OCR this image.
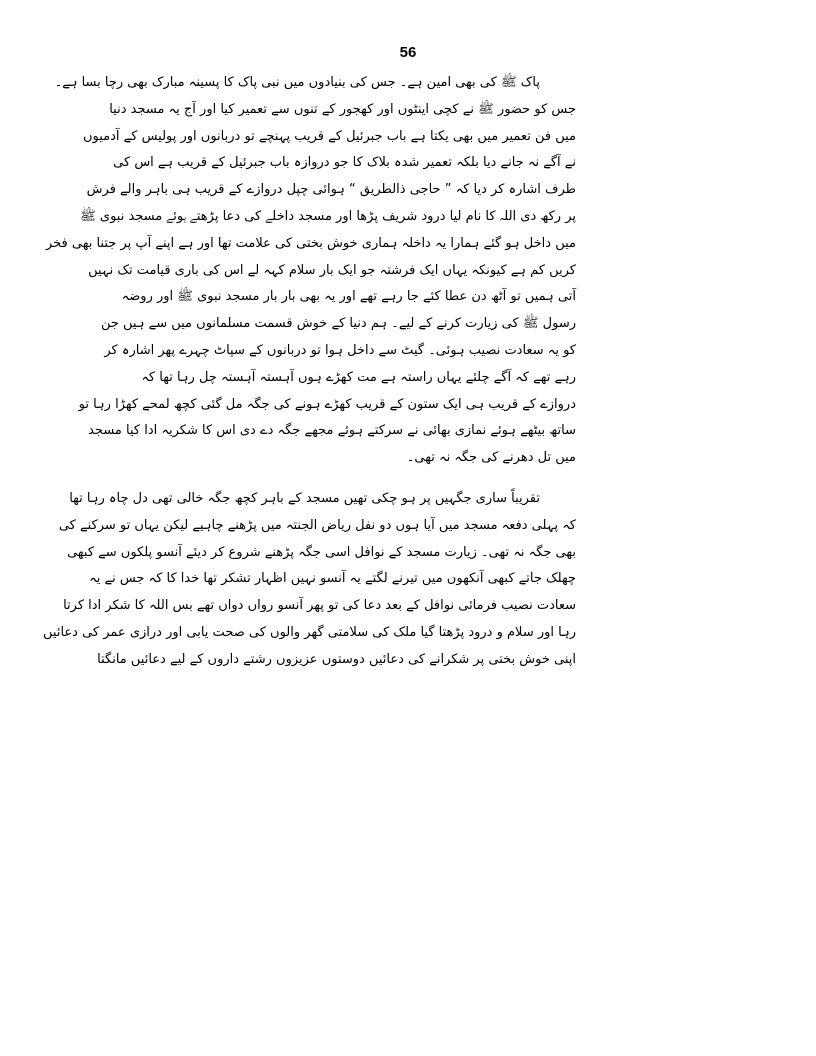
56
پاک ﷺ کی بھی امین ہے۔ جس کی بنیادوں میں نبی پاک کا پسینہ مبارک بھی رچا بسا ہے۔
جس کو حضور ﷺ نے کچی اینٹوں اور کھجور کے تنوں سے تعمیر کیا اور آج یہ مسجد دنیا
میں فن تعمیر میں بھی یکتا ہے باب جبرئیل کے قریب پہنچے تو دربانوں اور پولیس کے آدمیوں
نے آگے نہ جانے دیا بلکہ تعمیر شدہ بلاک کا جو دروازہ باب جبرئیل کے قریب ہے اس کی
طرف اشارہ کر دیا کہ ” حاجی ذالطریق “ ہوائی چپل دروازے کے قریب ہی باہر والے فرش
پر رکھ دی اللہ کا نام لیا درود شریف پڑھا اور مسجد داخلے کی دعا پڑھتے ہوئے مسجد نبوی ﷺ
میں داخل ہو گئے ہمارا یہ داخلہ ہماری خوش بختی کی علامت تھا اور ہے اپنے آپ پر جتنا بھی فخر
کریں کم ہے کیونکہ یہاں ایک فرشتہ جو ایک بار سلام کہہ لے اس کی باری قیامت تک نہیں
آتی ہمیں تو آٹھ دن عطا کئے جا رہے تھے اور یہ بھی بار بار مسجد نبوی ﷺ اور روضہ
رسول ﷺ کی زیارت کرنے کے لیے۔ ہم دنیا کے خوش قسمت مسلمانوں میں سے ہیں جن
کو یہ سعادت نصیب ہوئی۔ گیٹ سے داخل ہوا تو دربانوں کے سپاٹ چہرے پھر اشارہ کر
رہے تھے کہ آگے چلئے یہاں راستہ ہے مت کھڑے ہوں آہستہ آہستہ چل رہا تھا کہ
دروازے کے قریب ہی ایک ستون کے قریب کھڑے ہونے کی جگہ مل گئی کچھ لمحے کھڑا رہا تو
ساتھ بیٹھے ہوئے نمازی بھائی نے سرکتے ہوئے مجھے جگہ دے دی اس کا شکریہ ادا کیا مسجد
میں تل دھرنے کی جگہ نہ تھی۔
تقریباً ساری جگہیں پر ہو چکی تھیں مسجد کے باہر کچھ جگہ خالی تھی دل چاہ رہا تھا
کہ پہلی دفعہ مسجد میں آیا ہوں دو نفل ریاض الجنتہ میں پڑھنے چاہیے لیکن یہاں تو سرکنے کی
بھی جگہ نہ تھی۔ زیارت مسجد کے نوافل اسی جگہ پڑھنے شروع کر دیئے آنسو پلکوں سے کبھی
چھلک جاتے کبھی آنکھوں میں تیرنے لگتے یہ آنسو نہیں اظہار تشکر تھا خدا کا کہ جس نے یہ
سعادت نصیب فرمائی نوافل کے بعد دعا کی تو پھر آنسو رواں دواں تھے بس اللہ کا شکر ادا کرتا
رہا اور سلام و درود پڑھتا گیا ملک کی سلامتی گھر والوں کی صحت یابی اور درازی عمر کی دعائیں
اپنی خوش بختی پر شکرانے کی دعائیں دوستوں عزیزوں رشتے داروں کے لیے دعائیں مانگتا
